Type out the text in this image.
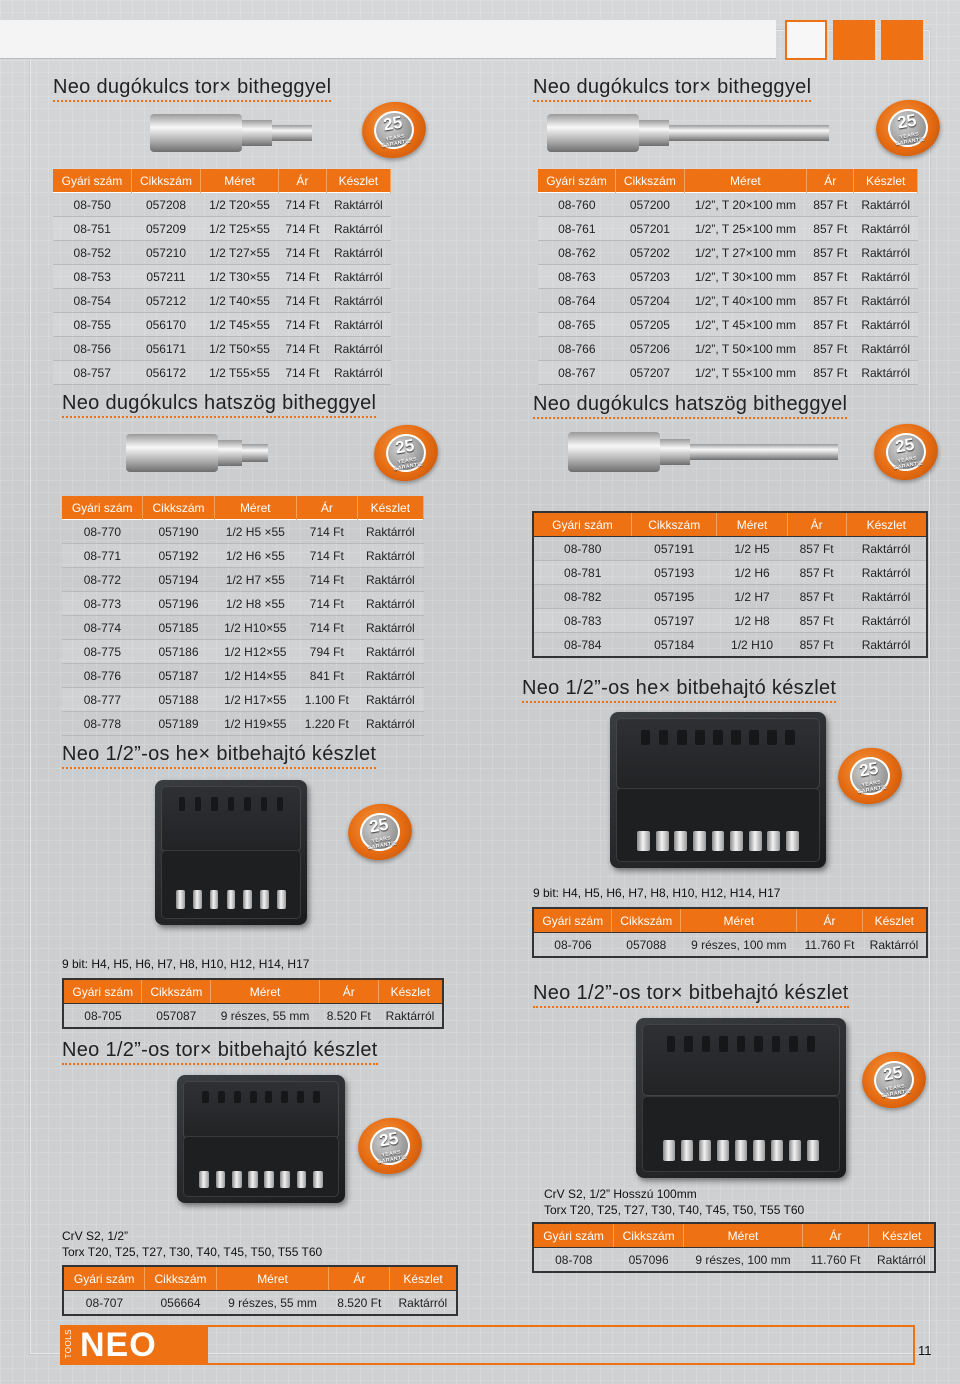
Neo dugókulcs tor× bitheggyel
25
YEARS GARANTIE
Gyári szám	Cikkszám	Méret	Ár	Készlet
08-750	057208	1/2 T20×55	714 Ft	Raktárról
08-751	057209	1/2 T25×55	714 Ft	Raktárról
08-752	057210	1/2 T27×55	714 Ft	Raktárról
08-753	057211	1/2 T30×55	714 Ft	Raktárról
08-754	057212	1/2 T40×55	714 Ft	Raktárról
08-755	056170	1/2 T45×55	714 Ft	Raktárról
08-756	056171	1/2 T50×55	714 Ft	Raktárról
08-757	056172	1/2 T55×55	714 Ft	Raktárról
Neo dugókulcs tor× bitheggyel
25
YEARS GARANTIE
Gyári szám	Cikkszám	Méret	Ár	Készlet
08-760	057200	1/2”, T 20×100 mm	857 Ft	Raktárról
08-761	057201	1/2”, T 25×100 mm	857 Ft	Raktárról
08-762	057202	1/2”, T 27×100 mm	857 Ft	Raktárról
08-763	057203	1/2”, T 30×100 mm	857 Ft	Raktárról
08-764	057204	1/2”, T 40×100 mm	857 Ft	Raktárról
08-765	057205	1/2”, T 45×100 mm	857 Ft	Raktárról
08-766	057206	1/2”, T 50×100 mm	857 Ft	Raktárról
08-767	057207	1/2”, T 55×100 mm	857 Ft	Raktárról
Neo dugókulcs hatszög bitheggyel
25
YEARS GARANTIE
Gyári szám	Cikkszám	Méret	Ár	Készlet
08-770	057190	1/2 H5 ×55	714 Ft	Raktárról
08-771	057192	1/2 H6 ×55	714 Ft	Raktárról
08-772	057194	1/2 H7 ×55	714 Ft	Raktárról
08-773	057196	1/2 H8 ×55	714 Ft	Raktárról
08-774	057185	1/2 H10×55	714 Ft	Raktárról
08-775	057186	1/2 H12×55	794 Ft	Raktárról
08-776	057187	1/2 H14×55	841 Ft	Raktárról
08-777	057188	1/2 H17×55	1.100 Ft	Raktárról
08-778	057189	1/2 H19×55	1.220 Ft	Raktárról
Neo dugókulcs hatszög bitheggyel
25
YEARS GARANTIE
Gyári szám	Cikkszám	Méret	Ár	Készlet
08-780	057191	1/2 H5	857 Ft	Raktárról
08-781	057193	1/2 H6	857 Ft	Raktárról
08-782	057195	1/2 H7	857 Ft	Raktárról
08-783	057197	1/2 H8	857 Ft	Raktárról
08-784	057184	1/2 H10	857 Ft	Raktárról
Neo 1/2”-os he× bitbehajtó készlet
25
YEARS GARANTIE
9 bit: H4, H5, H6, H7, H8, H10, H12, H14, H17
Gyári szám	Cikkszám	Méret	Ár	Készlet
08-706	057088	9 részes, 100 mm	11.760 Ft	Raktárról
Neo 1/2”-os he× bitbehajtó készlet
25
YEARS GARANTIE
9 bit: H4, H5, H6, H7, H8, H10, H12, H14, H17
Gyári szám	Cikkszám	Méret	Ár	Készlet
08-705	057087	9 részes, 55 mm	8.520 Ft	Raktárról
Neo 1/2”-os tor× bitbehajtó készlet
25
YEARS GARANTIE
CrV S2, 1/2” Hosszú 100mm
Torx T20, T25, T27, T30, T40, T45, T50, T55 T60
Gyári szám	Cikkszám	Méret	Ár	Készlet
08-708	057096	9 részes, 100 mm	11.760 Ft	Raktárról
Neo 1/2”-os tor× bitbehajtó készlet
25
YEARS GARANTIE
CrV S2, 1/2”
Torx T20, T25, T27, T30, T40, T45, T50, T55 T60
Gyári szám	Cikkszám	Méret	Ár	Készlet
08-707	056664	9 részes, 55 mm	8.520 Ft	Raktárról
TOOLS NEO	11
